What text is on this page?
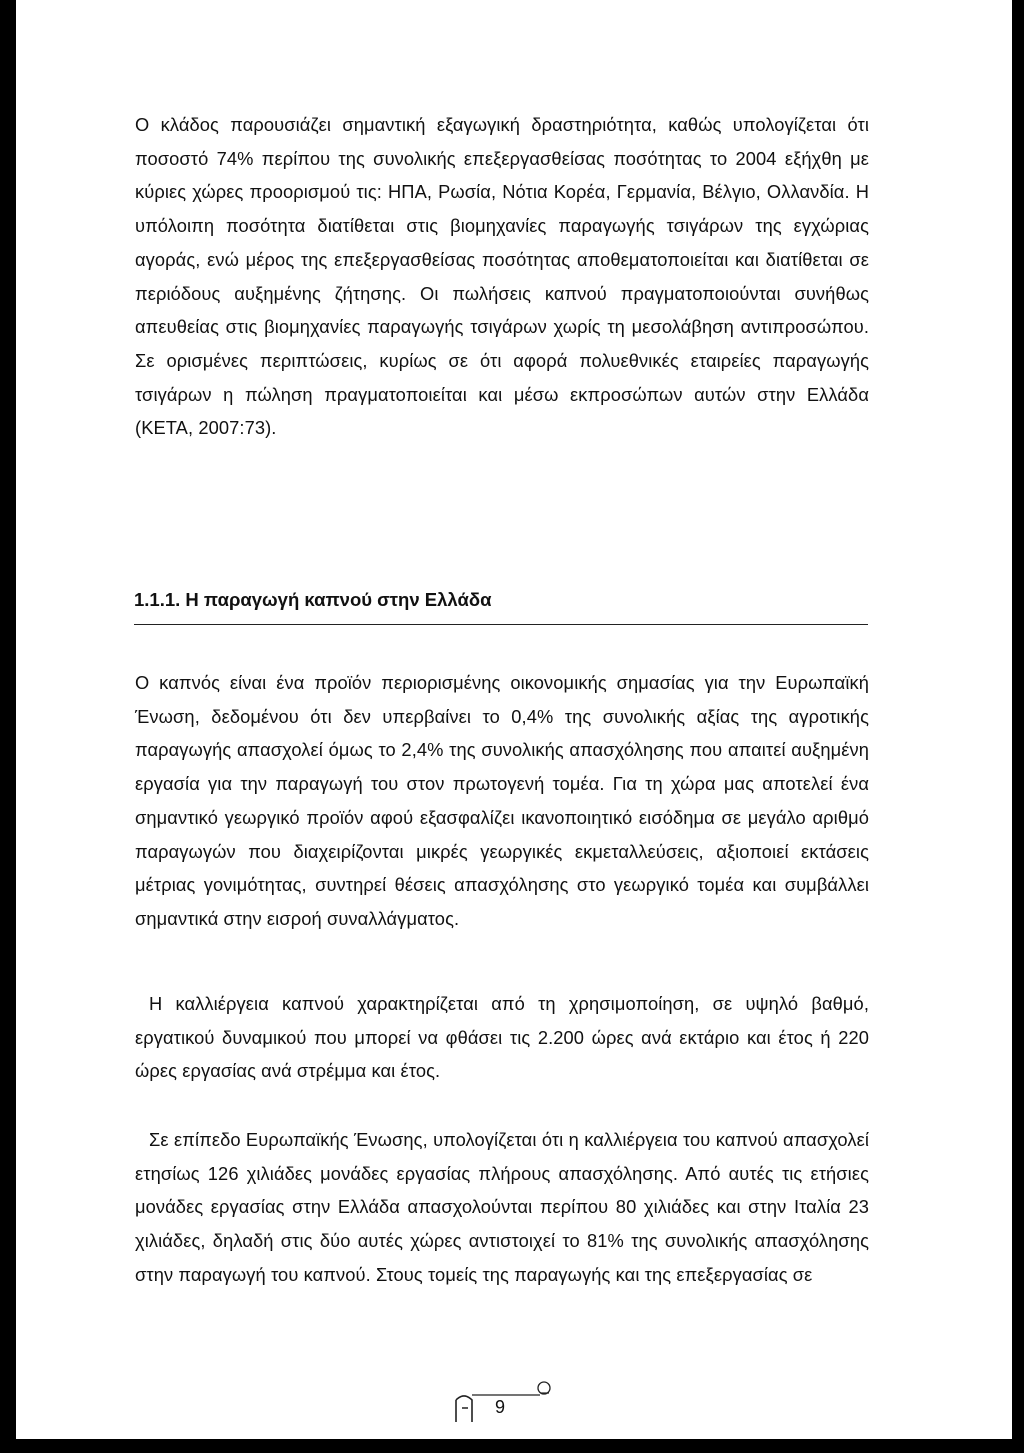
Ο κλάδος παρουσιάζει σημαντική εξαγωγική δραστηριότητα, καθώς υπολογίζεται ότι ποσοστό 74% περίπου της συνολικής επεξεργασθείσας ποσότητας το 2004 εξήχθη με κύριες χώρες προορισμού τις: ΗΠΑ, Ρωσία, Νότια Κορέα, Γερμανία, Βέλγιο, Ολλανδία. Η υπόλοιπη ποσότητα διατίθεται στις βιομηχανίες παραγωγής τσιγάρων της εγχώριας αγοράς, ενώ μέρος της επεξεργασθείσας ποσότητας αποθεματοποιείται και διατίθεται σε περιόδους αυξημένης ζήτησης. Οι πωλήσεις καπνού πραγματοποιούνται συνήθως απευθείας στις βιομηχανίες παραγωγής τσιγάρων χωρίς τη μεσολάβηση αντιπροσώπου. Σε ορισμένες περιπτώσεις, κυρίως σε ότι αφορά πολυεθνικές εταιρείες παραγωγής τσιγάρων η πώληση πραγματοποιείται και μέσω εκπροσώπων αυτών στην Ελλάδα (ΚΕΤΑ, 2007:73).

1.1.1. Η παραγωγή καπνού στην Ελλάδα

Ο καπνός είναι ένα προϊόν περιορισμένης οικονομικής σημασίας για την Ευρωπαϊκή Ένωση, δεδομένου ότι δεν υπερβαίνει το 0,4% της συνολικής αξίας της αγροτικής παραγωγής απασχολεί όμως το 2,4% της συνολικής απασχόλησης που απαιτεί αυξημένη εργασία για την παραγωγή του στον πρωτογενή τομέα. Για τη χώρα μας αποτελεί ένα σημαντικό γεωργικό προϊόν αφού εξασφαλίζει ικανοποιητικό εισόδημα σε μεγάλο αριθμό παραγωγών που διαχειρίζονται μικρές γεωργικές εκμεταλλεύσεις, αξιοποιεί εκτάσεις μέτριας γονιμότητας, συντηρεί θέσεις απασχόλησης στο γεωργικό τομέα και συμβάλλει σημαντικά στην εισροή συναλλάγματος.

Η καλλιέργεια καπνού χαρακτηρίζεται από τη χρησιμοποίηση, σε υψηλό βαθμό, εργατικού δυναμικού που μπορεί να φθάσει τις 2.200 ώρες ανά εκτάριο και έτος ή 220 ώρες εργασίας ανά στρέμμα και έτος.

Σε επίπεδο Ευρωπαϊκής Ένωσης, υπολογίζεται ότι η καλλιέργεια του καπνού απασχολεί ετησίως 126 χιλιάδες μονάδες εργασίας πλήρους απασχόλησης. Από αυτές τις ετήσιες μονάδες εργασίας στην Ελλάδα απασχολούνται περίπου 80 χιλιάδες και στην Ιταλία 23 χιλιάδες, δηλαδή στις δύο αυτές χώρες αντιστοιχεί το 81% της συνολικής απασχόλησης στην παραγωγή του καπνού. Στους τομείς της παραγωγής και της επεξεργασίας σε

9
